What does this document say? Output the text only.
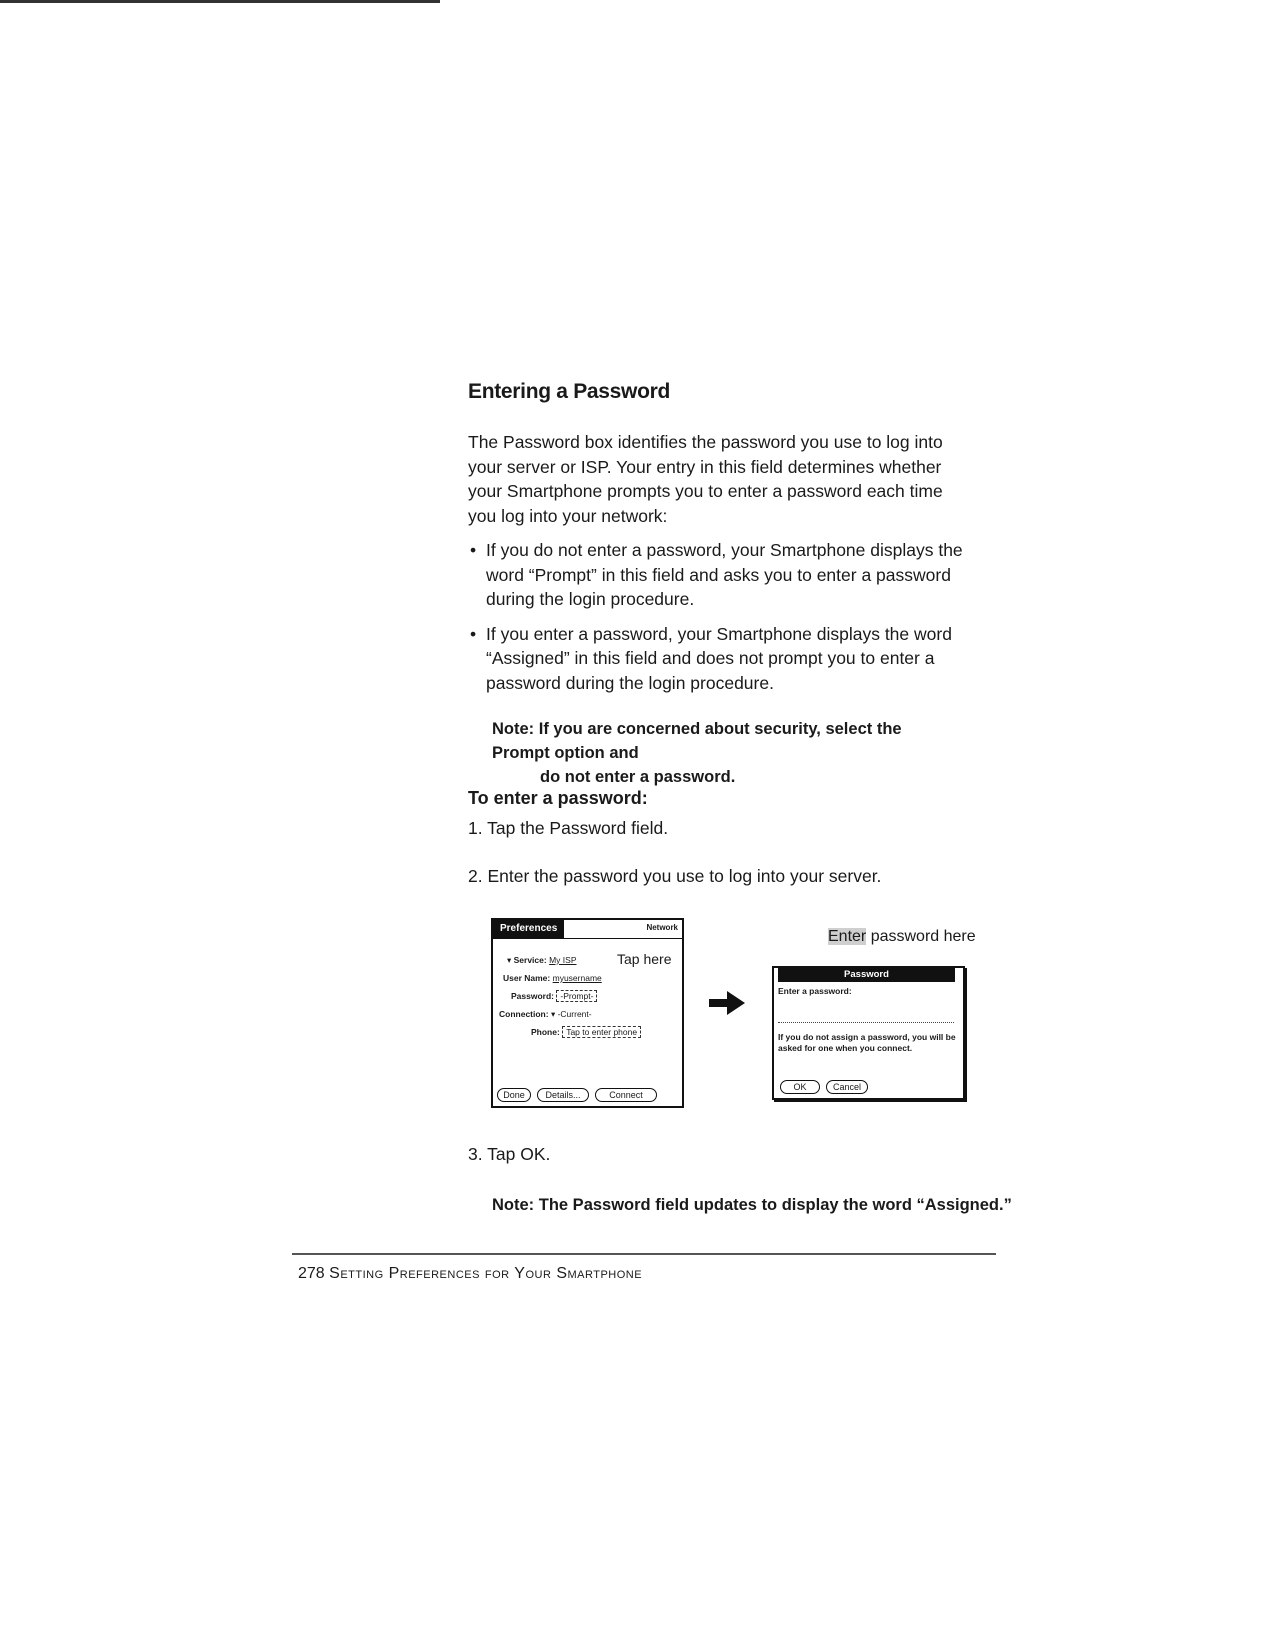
Entering a Password

The Password box identifies the password you use to log into your server or ISP. Your entry in this field determines whether your Smartphone prompts you to enter a password each time you log into your network:

• If you do not enter a password, your Smartphone displays the word “Prompt” in this field and asks you to enter a password during the login procedure.
• If you enter a password, your Smartphone displays the word “Assigned” in this field and does not prompt you to enter a password during the login procedure.
Note: If you are concerned about security, select the Prompt option and
do not enter a password.
To enter a password:

1. Tap the Password field.

2. Enter the password you use to log into your server.

Preferences	Network
▾ Service: My ISP
User Name: myusername
Password: -Prompt-
Connection: ▾ -Current-
Phone: Tap to enter phone
Done	Details...	Connect
Tap here
Enter password here
Password
Enter a password:
If you do not assign a password, you will be asked for one when you connect.
OK	Cancel

3. Tap OK.

Note: The Password field updates to display the word “Assigned.”

278 Setting Preferences for Your Smartphone
